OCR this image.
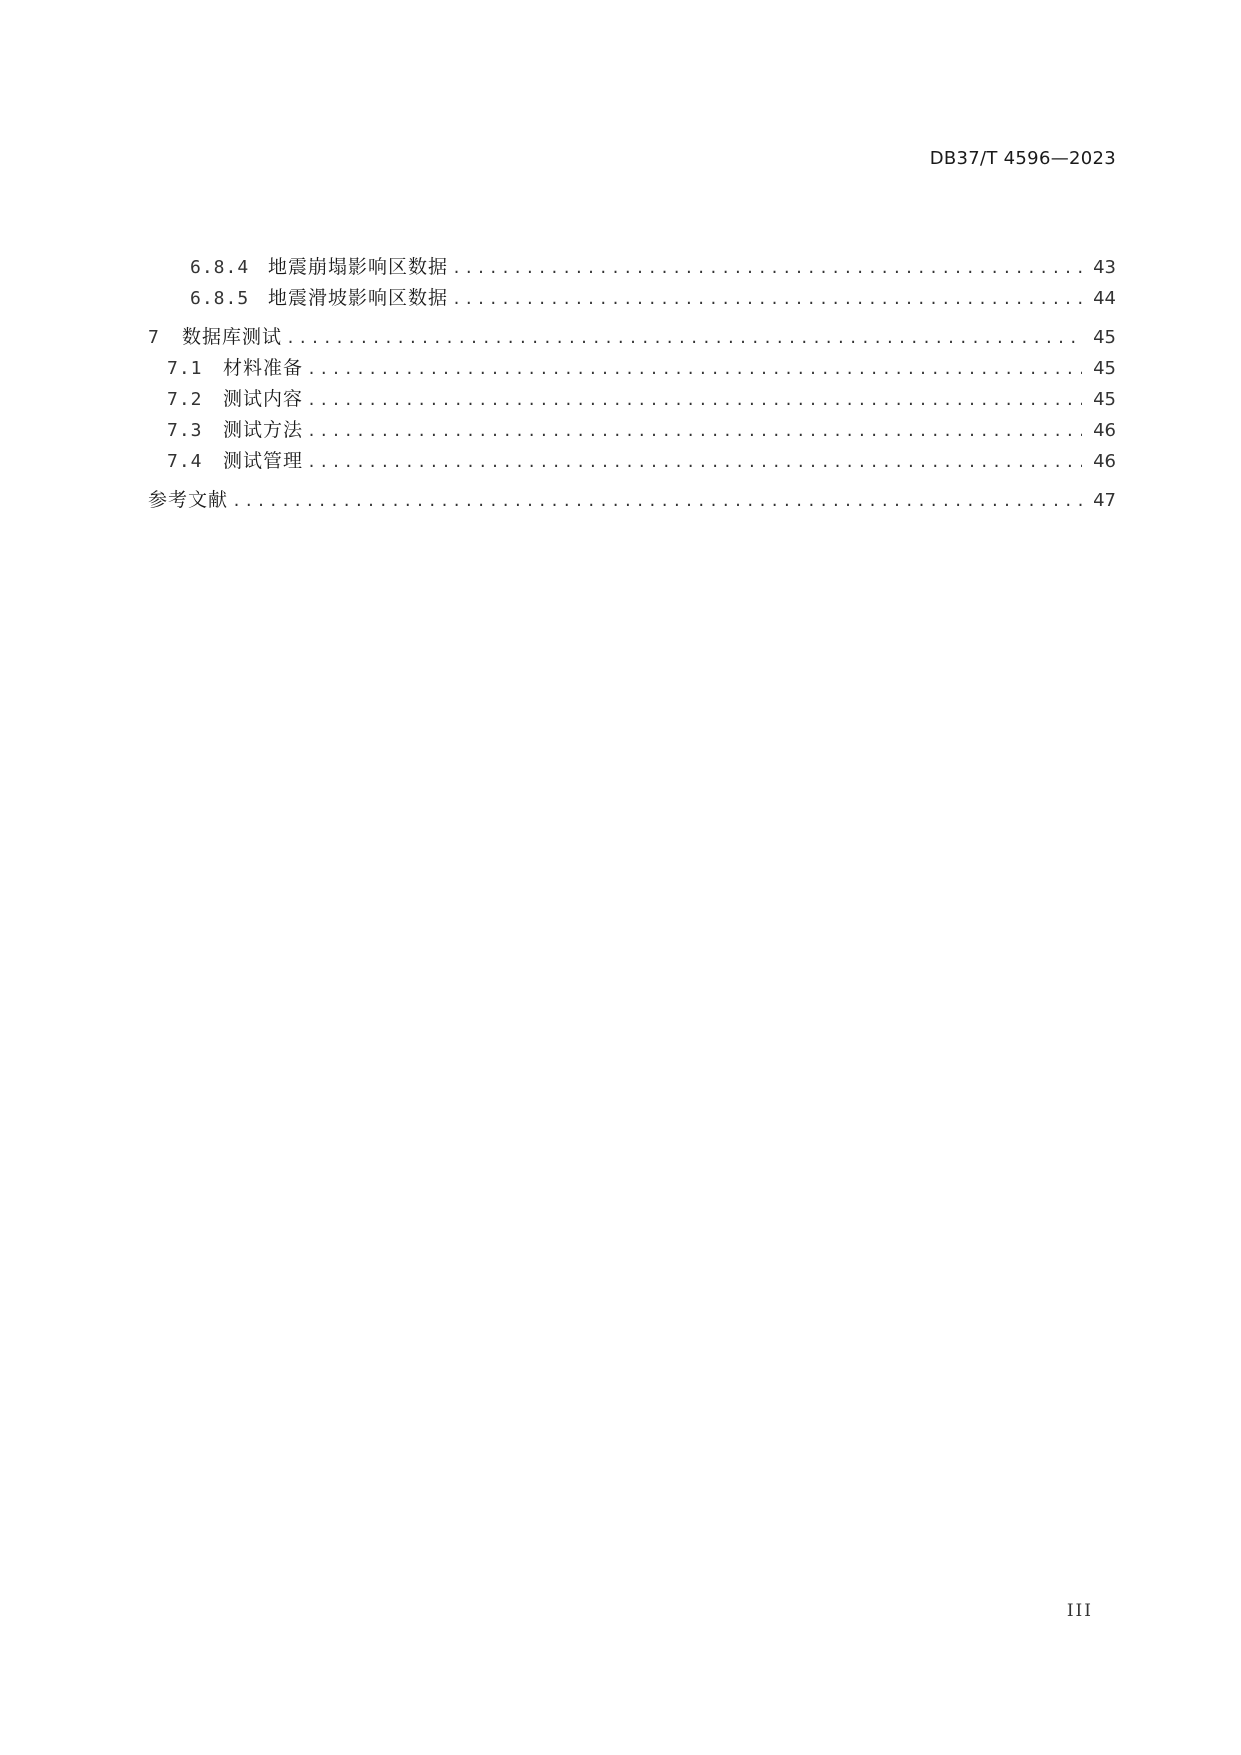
DB37/T 4596—2023
6.8.4 地震崩塌影响区数据 .....	43
6.8.5 地震滑坡影响区数据 .....	44
7	数据库测试 .....	45
7.1	材料准备 .....	45
7.2	测试内容 .....	45
7.3	测试方法 .....	46
7.4	测试管理 .....	46
参考文献 .....	47
III
